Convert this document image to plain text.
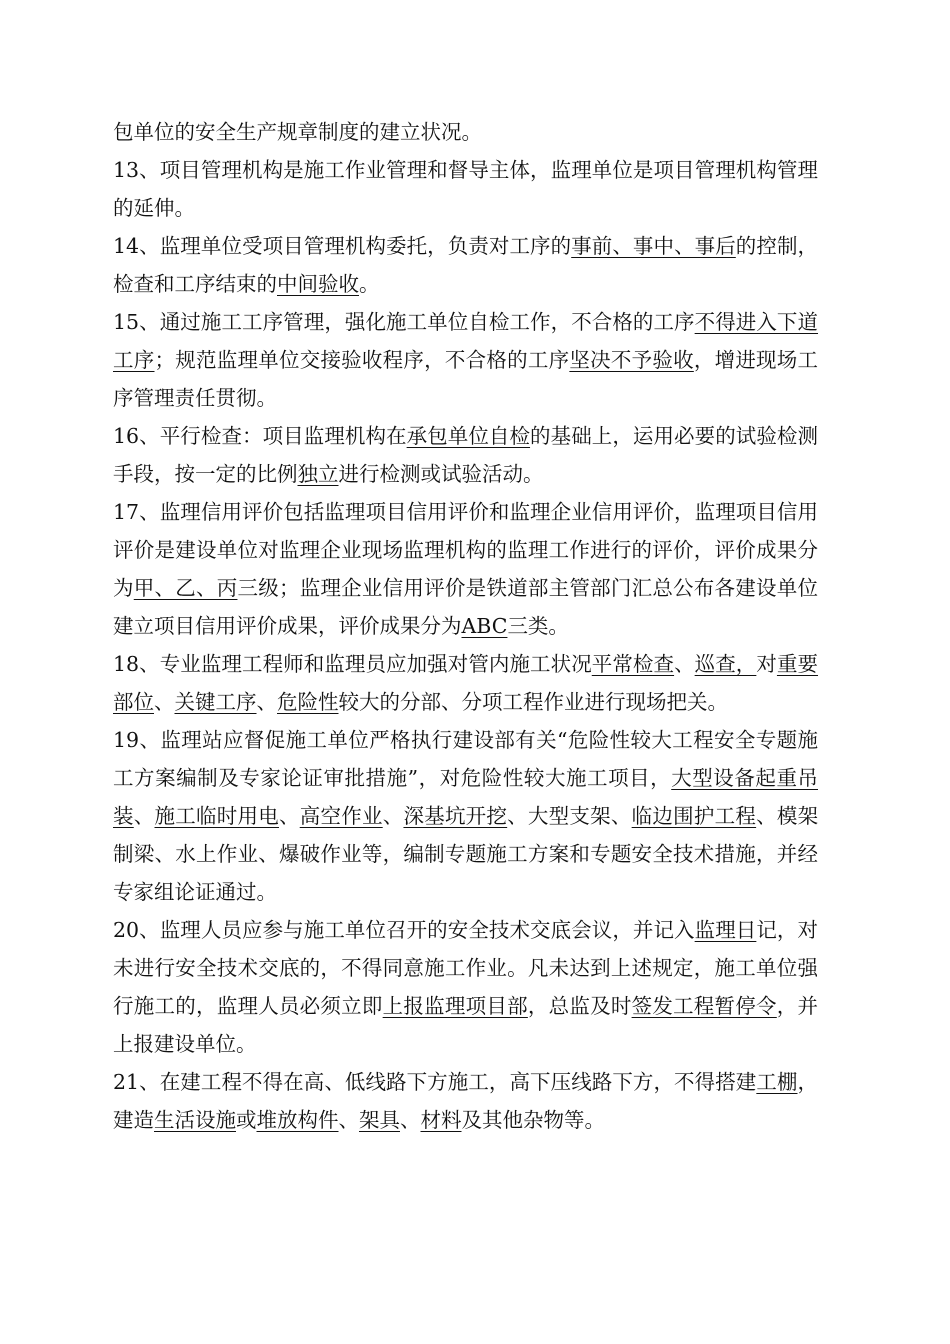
包单位的安全生产规章制度的建立状况。

13、项目管理机构是施工作业管理和督导主体，监理单位是项目管理机构管理的延伸。

14、监理单位受项目管理机构委托，负责对工序的事前、事中、事后的控制，检查和工序结束的中间验收。

15、通过施工工序管理，强化施工单位自检工作，不合格的工序不得进入下道工序；规范监理单位交接验收程序，不合格的工序坚决不予验收，增进现场工序管理责任贯彻。

16、平行检查：项目监理机构在承包单位自检的基础上，运用必要的试验检测手段，按一定的比例独立进行检测或试验活动。

17、监理信用评价包括监理项目信用评价和监理企业信用评价，监理项目信用评价是建设单位对监理企业现场监理机构的监理工作进行的评价，评价成果分为甲、乙、丙三级；监理企业信用评价是铁道部主管部门汇总公布各建设单位建立项目信用评价成果，评价成果分为ABC三类。

18、专业监理工程师和监理员应加强对管内施工状况平常检查、巡查，对重要部位、关键工序、危险性较大的分部、分项工程作业进行现场把关。

19、监理站应督促施工单位严格执行建设部有关“危险性较大工程安全专题施工方案编制及专家论证审批措施”，对危险性较大施工项目，大型设备起重吊装、施工临时用电、高空作业、深基坑开挖、大型支架、临边围护工程、模架制梁、水上作业、爆破作业等，编制专题施工方案和专题安全技术措施，并经专家组论证通过。

20、监理人员应参与施工单位召开的安全技术交底会议，并记入监理日记，对未进行安全技术交底的，不得同意施工作业。凡未达到上述规定，施工单位强行施工的，监理人员必须立即上报监理项目部，总监及时签发工程暂停令，并上报建设单位。

21、在建工程不得在高、低线路下方施工，高下压线路下方，不得搭建工棚，建造生活设施或堆放构件、架具、材料及其他杂物等。
